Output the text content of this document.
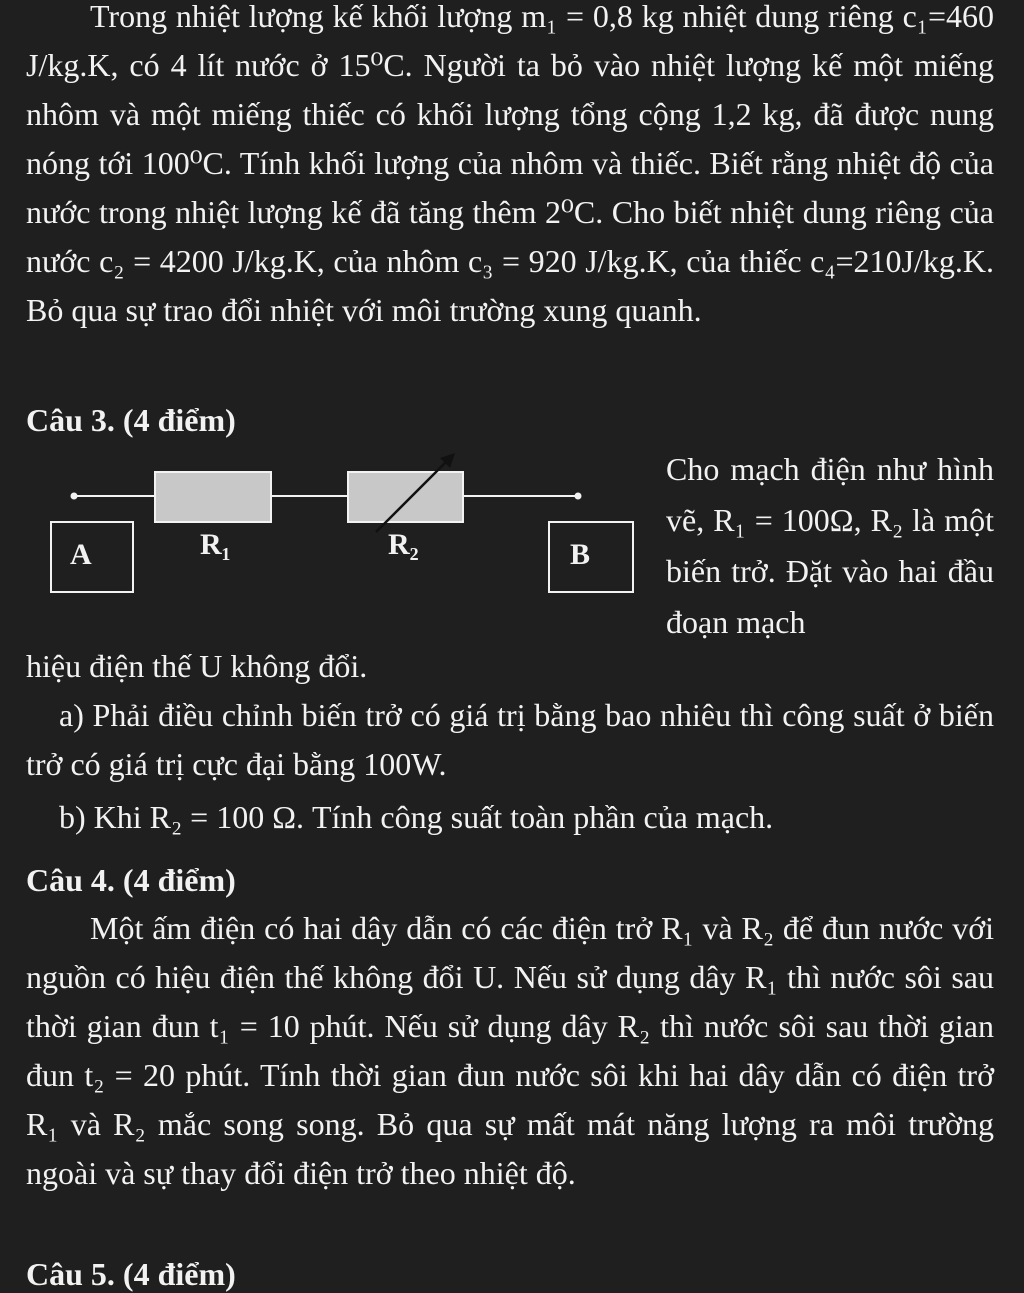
Trong nhiệt lượng kế khối lượng m₁ = 0,8 kg nhiệt dung riêng c₁=460 J/kg.K, có 4 lít nước ở 15⁰C. Người ta bỏ vào nhiệt lượng kế một miếng nhôm và một miếng thiếc có khối lượng tổng cộng 1,2 kg, đã được nung nóng tới 100⁰C. Tính khối lượng của nhôm và thiếc. Biết rằng nhiệt độ của nước trong nhiệt lượng kế đã tăng thêm 2⁰C. Cho biết nhiệt dung riêng của nước c₂ = 4200 J/kg.K, của nhôm c₃ = 920 J/kg.K, của thiếc c₄=210J/kg.K. Bỏ qua sự trao đổi nhiệt với môi trường xung quanh.

Câu 3. (4 điểm)

A	B
R₁	R₂
Cho mạch điện như hình vẽ, R₁ = 100Ω, R₂ là một biến trở. Đặt vào hai đầu đoạn mạch

hiệu điện thế U không đổi.

a) Phải điều chỉnh biến trở có giá trị bằng bao nhiêu thì công suất ở biến trở có giá trị cực đại bằng 100W.

b) Khi R₂ = 100 Ω. Tính công suất toàn phần của mạch.

Câu 4. (4 điểm)

Một ấm điện có hai dây dẫn có các điện trở R₁ và R₂ để đun nước với nguồn có hiệu điện thế không đổi U. Nếu sử dụng dây R₁ thì nước sôi sau thời gian đun t₁ = 10 phút. Nếu sử dụng dây R₂ thì nước sôi sau thời gian đun t₂ = 20 phút. Tính thời gian đun nước sôi khi hai dây dẫn có điện trở R₁ và R₂ mắc song song. Bỏ qua sự mất mát năng lượng ra môi trường ngoài và sự thay đổi điện trở theo nhiệt độ.

Câu 5. (4 điểm)
